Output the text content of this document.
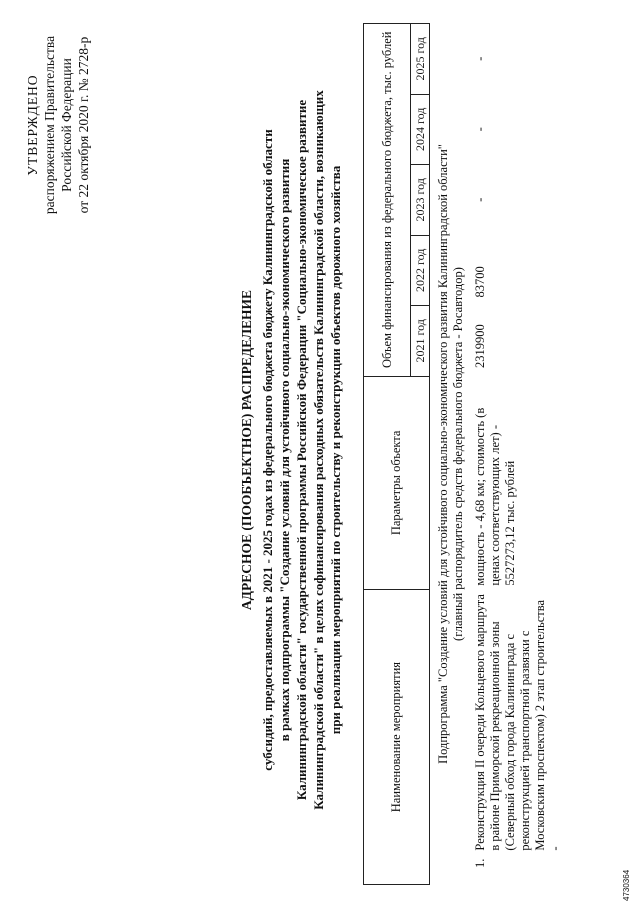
УТВЕРЖДЕНО распоряжением Правительства Российской Федерации от 22 октября 2020 г. № 2728-р
АДРЕСНОЕ (ПООБЪЕКТНОЕ) РАСПРЕДЕЛЕНИЕ субсидий, предоставляемых в 2021 - 2025 годах из федерального бюджета бюджету Калининградской области в рамках подпрограммы "Создание условий для устойчивого социально-экономического развития Калининградской области" государственной программы Российской Федерации "Социально-экономическое развитие Калининградской области" в целях софинансирования расходных обязательств Калининградской области, возникающих при реализации мероприятий по строительству и реконструкции объектов дорожного хозяйства
Наименование мероприятия		Параметры объекта	Объем финансирования из федерального бюджета, тыс. рублей				
			2021 год	2022 год	2023 год	2024 год	2025 год

Подпрограмма "Создание условий для устойчивого социально-экономического развития Калининградской области" (главный распорядитель средств федерального бюджета - Росавтодор)							

1.	Реконструкция II очереди Кольцевого маршрута в районе Приморской рекреационной зоны (Северный обход города Калининграда с реконструкцией транспортной развязки с Московским проспектом) 2 этап строительства -	мощность - 4,68 км; стоимость (в ценах соответствующих лет) - 5527273,12 тыс. рублей	2319900	83700	-	-	-
4730364
